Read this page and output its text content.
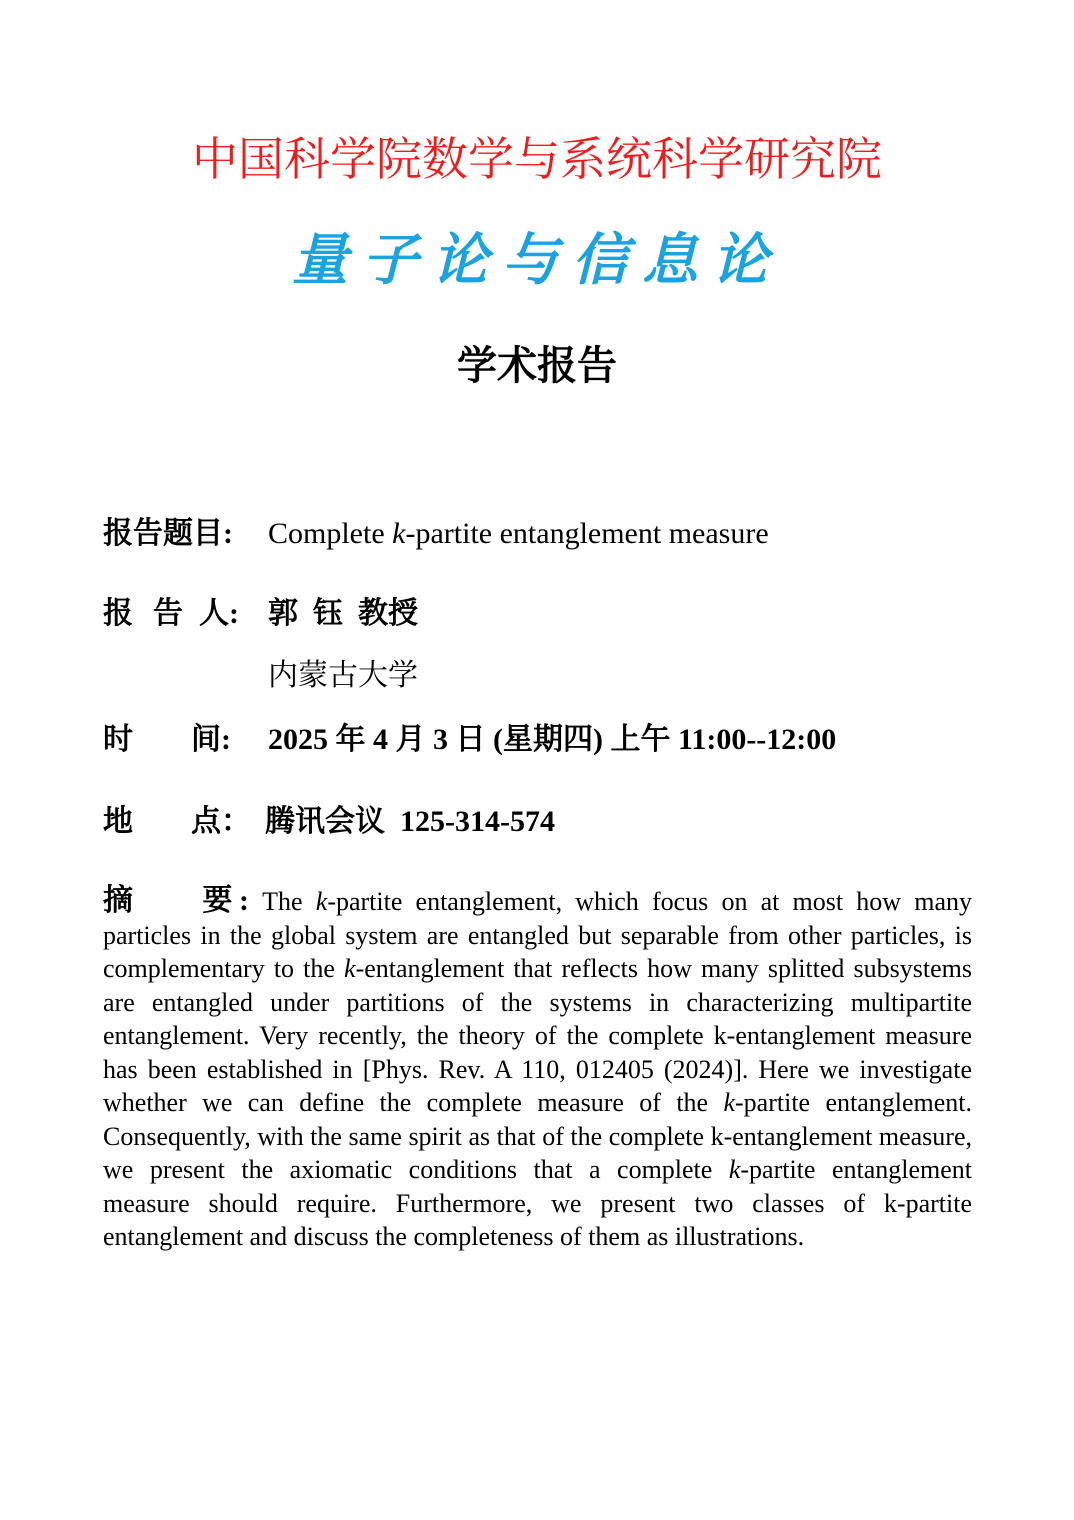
中国科学院数学与系统科学研究院
量子论与信息论
学术报告
报告题目: Complete k-partite entanglement measure
报 告 人: 郭  钰  教授
内蒙古大学
时 间: 2025 年 4 月 3 日 (星期四) 上午 11:00--12:00
地 点： 腾讯会议  125-314-574
摘 要: The k-partite entanglement, which focus on at most how many particles in the global system are entangled but separable from other particles, is complementary to the k-entanglement that reflects how many splitted subsystems are entangled under partitions of the systems in characterizing multipartite entanglement. Very recently, the theory of the complete k-entanglement measure has been established in [Phys. Rev. A 110, 012405 (2024)]. Here we investigate whether we can define the complete measure of the k-partite entanglement. Consequently, with the same spirit as that of the complete k-entanglement measure, we present the axiomatic conditions that a complete k-partite entanglement measure should require. Furthermore, we present two classes of k-partite entanglement and discuss the completeness of them as illustrations.
